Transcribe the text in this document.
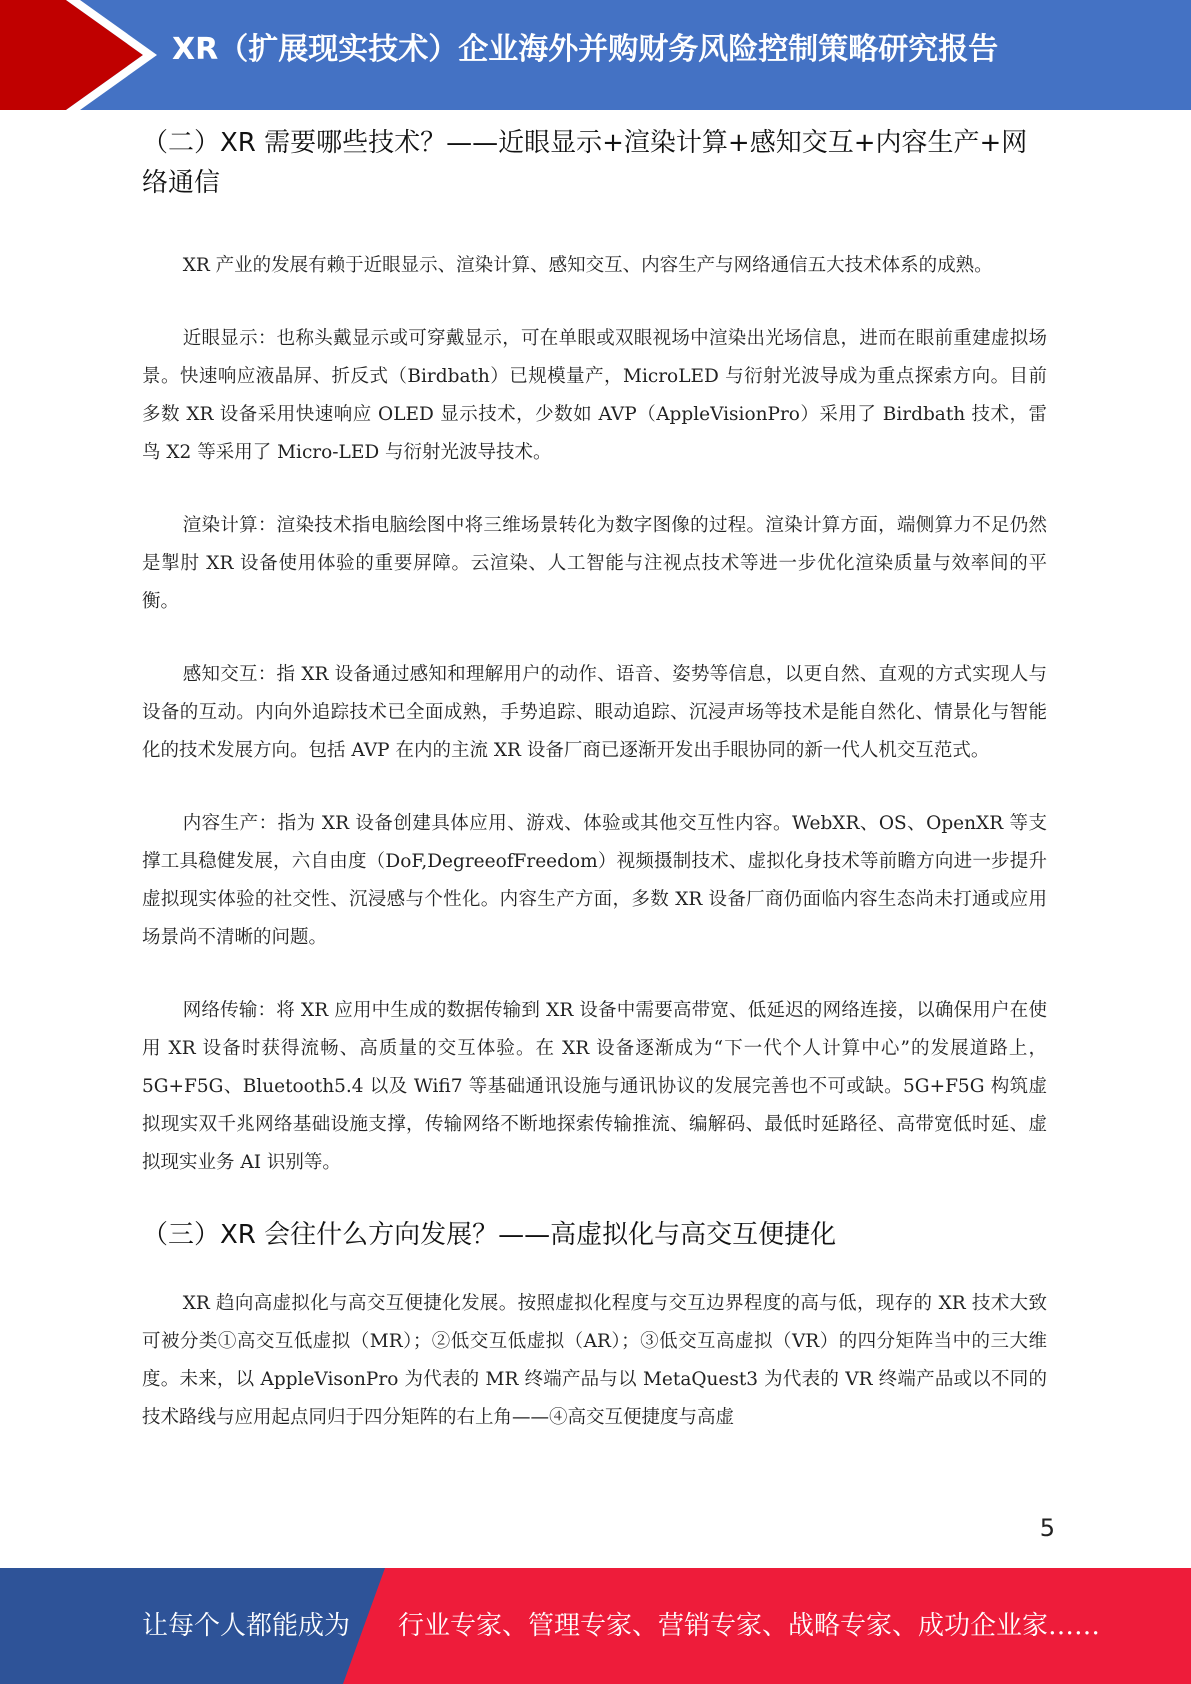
XR（扩展现实技术）企业海外并购财务风险控制策略研究报告
（二）XR 需要哪些技术？——近眼显示+渲染计算+感知交互+内容生产+网络通信

XR 产业的发展有赖于近眼显示、渲染计算、感知交互、内容生产与网络通信五大技术体系的成熟。

近眼显示：也称头戴显示或可穿戴显示，可在单眼或双眼视场中渲染出光场信息，进而在眼前重建虚拟场景。快速响应液晶屏、折反式（Birdbath）已规模量产，MicroLED 与衍射光波导成为重点探索方向。目前多数 XR 设备采用快速响应 OLED 显示技术，少数如 AVP（AppleVisionPro）采用了 Birdbath 技术，雷鸟 X2 等采用了 Micro-LED 与衍射光波导技术。

渲染计算：渲染技术指电脑绘图中将三维场景转化为数字图像的过程。渲染计算方面，端侧算力不足仍然是掣肘 XR 设备使用体验的重要屏障。云渲染、人工智能与注视点技术等进一步优化渲染质量与效率间的平衡。

感知交互：指 XR 设备通过感知和理解用户的动作、语音、姿势等信息，以更自然、直观的方式实现人与设备的互动。内向外追踪技术已全面成熟，手势追踪、眼动追踪、沉浸声场等技术是能自然化、情景化与智能化的技术发展方向。包括 AVP 在内的主流 XR 设备厂商已逐渐开发出手眼协同的新一代人机交互范式。

内容生产：指为 XR 设备创建具体应用、游戏、体验或其他交互性内容。WebXR、OS、OpenXR 等支撑工具稳健发展，六自由度（DoF,DegreeofFreedom）视频摄制技术、虚拟化身技术等前瞻方向进一步提升虚拟现实体验的社交性、沉浸感与个性化。内容生产方面，多数 XR 设备厂商仍面临内容生态尚未打通或应用场景尚不清晰的问题。

网络传输：将 XR 应用中生成的数据传输到 XR 设备中需要高带宽、低延迟的网络连接，以确保用户在使用 XR 设备时获得流畅、高质量的交互体验。在 XR 设备逐渐成为“下一代个人计算中心”的发展道路上，5G+F5G、Bluetooth5.4 以及 Wifi7 等基础通讯设施与通讯协议的发展完善也不可或缺。5G+F5G 构筑虚拟现实双千兆网络基础设施支撑，传输网络不断地探索传输推流、编解码、最低时延路径、高带宽低时延、虚拟现实业务 AI 识别等。

（三）XR 会往什么方向发展？——高虚拟化与高交互便捷化

XR 趋向高虚拟化与高交互便捷化发展。按照虚拟化程度与交互边界程度的高与低，现存的 XR 技术大致可被分类①高交互低虚拟（MR）；②低交互低虚拟（AR）；③低交互高虚拟（VR）的四分矩阵当中的三大维度。未来，以 AppleVisonPro 为代表的 MR 终端产品与以 MetaQuest3 为代表的 VR 终端产品或以不同的技术路线与应用起点同归于四分矩阵的右上角——④高交互便捷度与高虚

5
让每个人都能成为 行业专家、管理专家、营销专家、战略专家、成功企业家……
